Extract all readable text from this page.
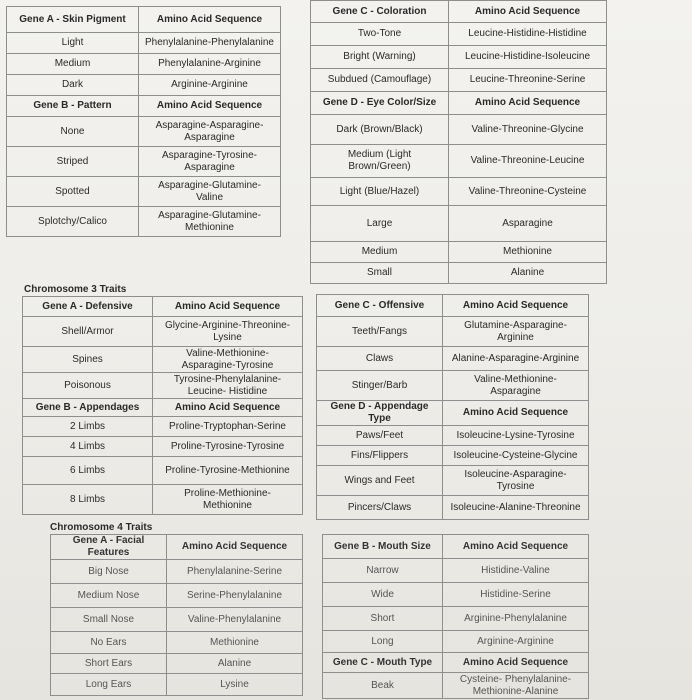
Gene A - Skin Pigment	Amino Acid Sequence
Light	Phenylalanine-Phenylalanine
Medium	Phenylalanine-Arginine
Dark	Arginine-Arginine
Gene B - Pattern	Amino Acid Sequence
None	Asparagine-Asparagine-
Asparagine

Striped	Asparagine-Tyrosine-
Asparagine

Spotted	Asparagine-Glutamine-
Valine

Splotchy/Calico	Asparagine-Glutamine-
Methionine
Gene C - Coloration	Amino Acid Sequence
Two-Tone	Leucine-Histidine-Histidine
Bright (Warning)	Leucine-Histidine-Isoleucine
Subdued (Camouflage)	Leucine-Threonine-Serine
Gene D - Eye Color/Size	Amino Acid Sequence
Dark (Brown/Black)	Valine-Threonine-Glycine

Medium (Light
Brown/Green)	Valine-Threonine-Leucine
Light (Blue/Hazel)	Valine-Threonine-Cysteine
Large	Asparagine
Medium	Methionine
Small	Alanine
Chromosome 3 Traits
Gene A - Defensive	Amino Acid Sequence
Shell/Armor	Glycine-Arginine-Threonine-
Lysine

Spines	Valine-Methionine-
Asparagine-Tyrosine

Poisonous	Tyrosine-Phenylalanine-
Leucine- Histidine

Gene B - Appendages	Amino Acid Sequence
2 Limbs	Proline-Tryptophan-Serine
4 Limbs	Proline-Tyrosine-Tyrosine
6 Limbs	Proline-Tyrosine-Methionine
8 Limbs	Proline-Methionine-
Methionine
Gene C - Offensive	Amino Acid Sequence
Teeth/Fangs	Glutamine-Asparagine-
Arginine

Claws	Alanine-Asparagine-Arginine
Stinger/Barb	Valine-Methionine-
Asparagine

Gene D - Appendage Type	Amino Acid Sequence
Paws/Feet	Isoleucine-Lysine-Tyrosine
Fins/Flippers	Isoleucine-Cysteine-Glycine
Wings and Feet	Isoleucine-Asparagine-
Tyrosine

Pincers/Claws	Isoleucine-Alanine-Threonine
Chromosome 4 Traits
Gene A - Facial Features	Amino Acid Sequence
Big Nose	Phenylalanine-Serine
Medium Nose	Serine-Phenylalanine
Small Nose	Valine-Phenylalanine
No Ears	Methionine
Short Ears	Alanine
Long Ears	Lysine
Gene B - Mouth Size	Amino Acid Sequence
Narrow	Histidine-Valine
Wide	Histidine-Serine
Short	Arginine-Phenylalanine
Long	Arginine-Arginine
Gene C - Mouth Type	Amino Acid Sequence
Beak	Cysteine- Phenylalanine-
Methionine-Alanine
